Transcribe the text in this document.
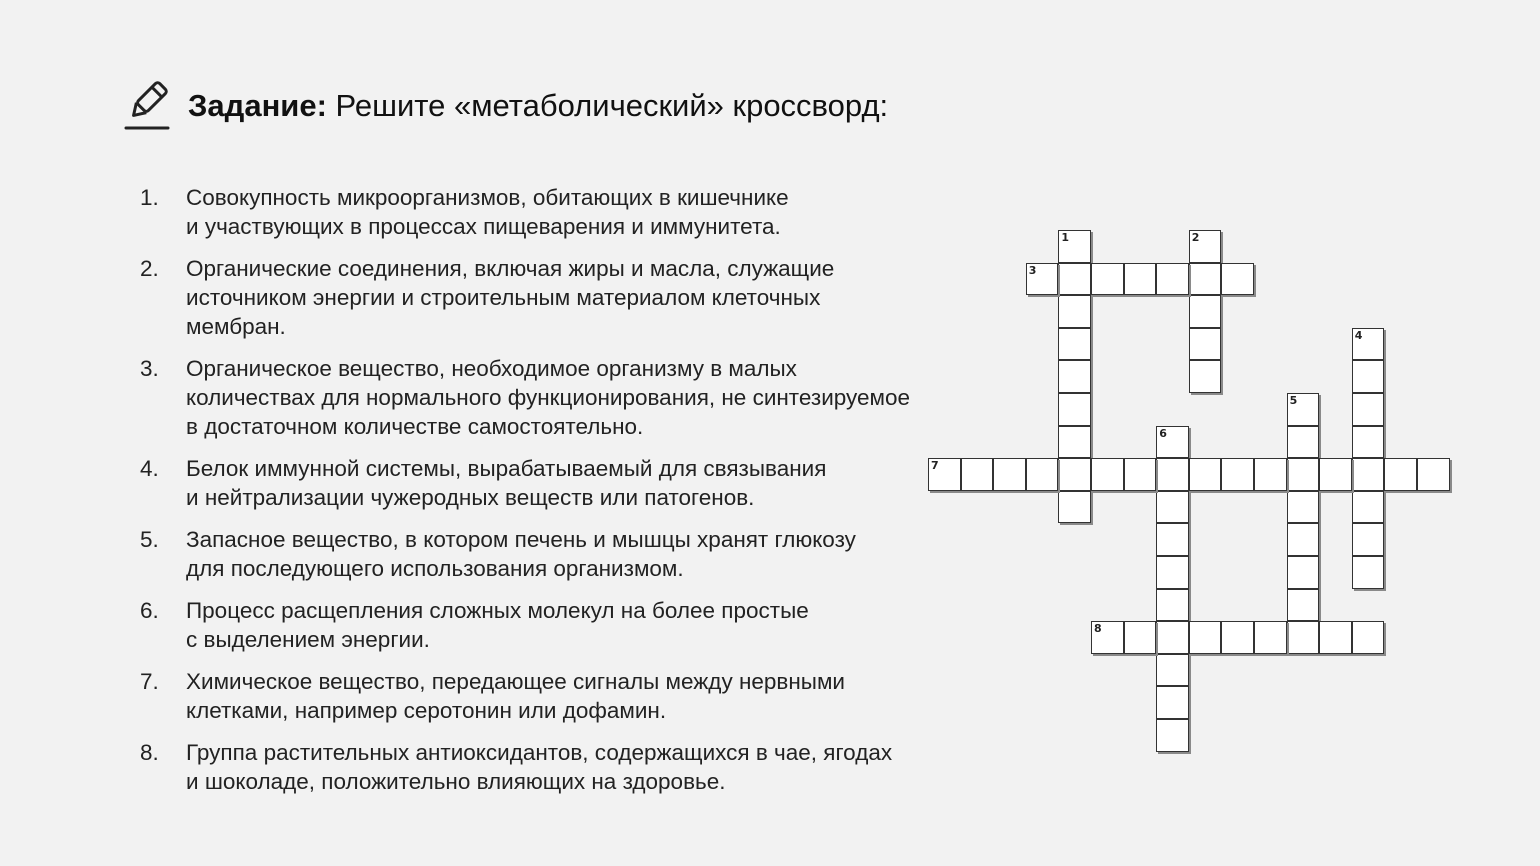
Задание: Решите «метаболический» кроссворд:
1.	Совокупность микроорганизмов, обитающих в кишечнике
и участвующих в процессах пищеварения и иммунитета.
2.	Органические соединения, включая жиры и масла, служащие
источником энергии и строительным материалом клеточных
мембран.
3.	Органическое вещество, необходимое организму в малых
количествах для нормального функционирования, не синтезируемое
в достаточном количестве самостоятельно.
4.	Белок иммунной системы, вырабатываемый для связывания
и нейтрализации чужеродных веществ или патогенов.
5.	Запасное вещество, в котором печень и мышцы хранят глюкозу
для последующего использования организмом.
6.	Процесс расщепления сложных молекул на более простые
с выделением энергии.
7.	Химическое вещество, передающее сигналы между нервными
клетками, например серотонин или дофамин.
8.	Группа растительных антиоксидантов, содержащихся в чае, ягодах
и шоколаде, положительно влияющих на здоровье.
1	2
3
4
5
6
7
8
